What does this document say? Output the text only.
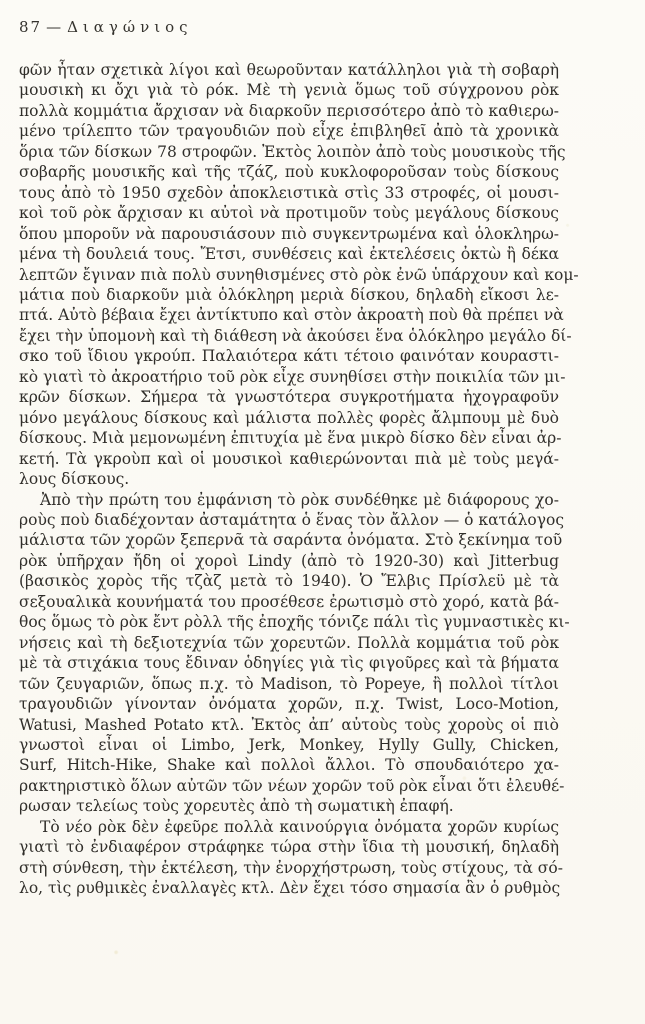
87 — Διαγώνιος
φῶν ἦταν σχετικὰ λίγοι καὶ θεωροῦνταν κατάλληλοι γιὰ τὴ σοβαρὴ
μουσικὴ κι ὄχι γιὰ τὸ ρόκ. Μὲ τὴ γενιὰ ὅμως τοῦ σύγχρονου ρὸκ
πολλὰ κομμάτια ἄρχισαν νὰ διαρκοῦν περισσότερο ἀπὸ τὸ καθιερω-
μένο τρίλεπτο τῶν τραγουδιῶν ποὺ εἶχε ἐπιβληθεῖ ἀπὸ τὰ χρονικὰ
ὅρια τῶν δίσκων 78 στροφῶν. Ἐκτὸς λοιπὸν ἀπὸ τοὺς μουσικοὺς τῆς
σοβαρῆς μουσικῆς καὶ τῆς τζάζ, ποὺ κυκλοφοροῦσαν τοὺς δίσκους
τους ἀπὸ τὸ 1950 σχεδὸν ἀποκλειστικὰ στὶς 33 στροφές, οἱ μουσι-
κοὶ τοῦ ρὸκ ἄρχισαν κι αὐτοὶ νὰ προτιμοῦν τοὺς μεγάλους δίσκους
ὅπου μποροῦν νὰ παρουσιάσουν πιὸ συγκεντρωμένα καὶ ὁλοκληρω-
μένα τὴ δουλειά τους. Ἔτσι, συνθέσεις καὶ ἐκτελέσεις ὀκτὼ ἢ δέκα
λεπτῶν ἔγιναν πιὰ πολὺ συνηθισμένες στὸ ρὸκ ἐνῶ ὑπάρχουν καὶ κομ-
μάτια ποὺ διαρκοῦν μιὰ ὁλόκληρη μεριὰ δίσκου, δηλαδὴ εἴκοσι λε-
πτά. Αὐτὸ βέβαια ἔχει ἀντίκτυπο καὶ στὸν ἀκροατὴ ποὺ θὰ πρέπει νὰ
ἔχει τὴν ὑπομονὴ καὶ τὴ διάθεση νὰ ἀκούσει ἕνα ὁλόκληρο μεγάλο δί-
σκο τοῦ ἴδιου γκρούπ. Παλαιότερα κάτι τέτοιο φαινόταν κουραστι-
κὸ γιατὶ τὸ ἀκροατήριο τοῦ ρὸκ εἶχε συνηθίσει στὴν ποικιλία τῶν μι-
κρῶν δίσκων. Σήμερα τὰ γνωστότερα συγκροτήματα ἠχογραφοῦν
μόνο μεγάλους δίσκους καὶ μάλιστα πολλὲς φορὲς ἄλμπουμ μὲ δυὸ
δίσκους. Μιὰ μεμονωμένη ἐπιτυχία μὲ ἕνα μικρὸ δίσκο δὲν εἶναι ἀρ-
κετή. Τὰ γκροὺπ καὶ οἱ μουσικοὶ καθιερώνονται πιὰ μὲ τοὺς μεγά-
λους δίσκους.
Ἀπὸ τὴν πρώτη του ἐμφάνιση τὸ ρὸκ συνδέθηκε μὲ διάφορους χο-
ροὺς ποὺ διαδέχονταν ἀσταμάτητα ὁ ἕνας τὸν ἄλλον — ὁ κατάλογος
μάλιστα τῶν χορῶν ξεπερνᾶ τὰ σαράντα ὀνόματα. Στὸ ξεκίνημα τοῦ
ρὸκ ὑπῆρχαν ἤδη οἱ χοροὶ Lindy (ἀπὸ τὸ 1920-30) καὶ Jitterbug
(βασικὸς χορὸς τῆς τζὰζ μετὰ τὸ 1940). Ὁ Ἔλβις Πρίσλεϋ μὲ τὰ
σεξουαλικὰ κουνήματά του προσέθεσε ἐρωτισμὸ στὸ χορό, κατὰ βά-
θος ὅμως τὸ ρὸκ ἔντ ρὸλλ τῆς ἐποχῆς τόνιζε πάλι τὶς γυμναστικὲς κι-
νήσεις καὶ τὴ δεξιοτεχνία τῶν χορευτῶν. Πολλὰ κομμάτια τοῦ ρὸκ
μὲ τὰ στιχάκια τους ἔδιναν ὁδηγίες γιὰ τὶς φιγοῦρες καὶ τὰ βήματα
τῶν ζευγαριῶν, ὅπως π.χ. τὸ Madison, τὸ Popeye, ἢ πολλοὶ τίτλοι
τραγουδιῶν γίνονταν ὀνόματα χορῶν, π.χ. Twist, Loco-Motion,
Watusi, Mashed Potato κτλ. Ἐκτὸς ἀπ’ αὐτοὺς τοὺς χοροὺς οἱ πιὸ
γνωστοὶ εἶναι οἱ Limbo, Jerk, Monkey, Hylly Gully, Chicken,
Surf, Hitch-Hike, Shake καὶ πολλοὶ ἄλλοι. Τὸ σπουδαιότερο χα-
ρακτηριστικὸ ὅλων αὐτῶν τῶν νέων χορῶν τοῦ ρὸκ εἶναι ὅτι ἐλευθέ-
ρωσαν τελείως τοὺς χορευτὲς ἀπὸ τὴ σωματικὴ ἐπαφή.
Τὸ νέο ρὸκ δὲν ἐφεῦρε πολλὰ καινούργια ὀνόματα χορῶν κυρίως
γιατὶ τὸ ἐνδιαφέρον στράφηκε τώρα στὴν ἴδια τὴ μουσική, δηλαδὴ
στὴ σύνθεση, τὴν ἐκτέλεση, τὴν ἐνορχήστρωση, τοὺς στίχους, τὰ σό-
λο, τὶς ρυθμικὲς ἐναλλαγὲς κτλ. Δὲν ἔχει τόσο σημασία ἂν ὁ ρυθμὸς
